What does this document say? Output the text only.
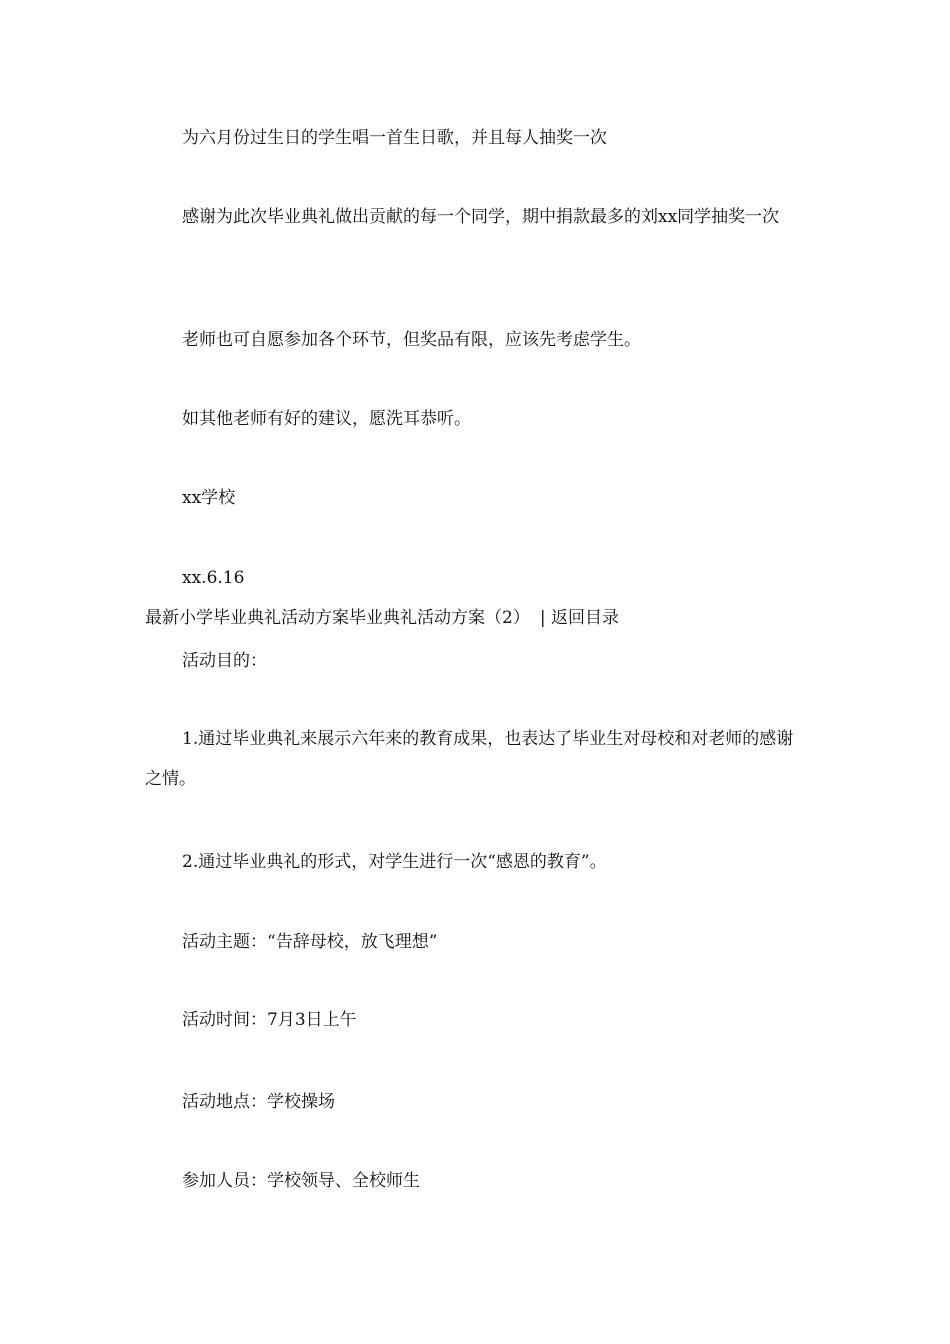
为六月份过生日的学生唱一首生日歌，并且每人抽奖一次
感谢为此次毕业典礼做出贡献的每一个同学，期中捐款最多的刘xx同学抽奖一次
老师也可自愿参加各个环节，但奖品有限，应该先考虑学生。
如其他老师有好的建议，愿洗耳恭听。
xx学校
xx.6.16
最新小学毕业典礼活动方案毕业典礼活动方案（2） | 返回目录
活动目的：
1.通过毕业典礼来展示六年来的教育成果，也表达了毕业生对母校和对老师的感谢之情。
2.通过毕业典礼的形式，对学生进行一次“感恩的教育”。
活动主题：“告辞母校，放飞理想”
活动时间：7月3日上午
活动地点：学校操场
参加人员：学校领导、全校师生
